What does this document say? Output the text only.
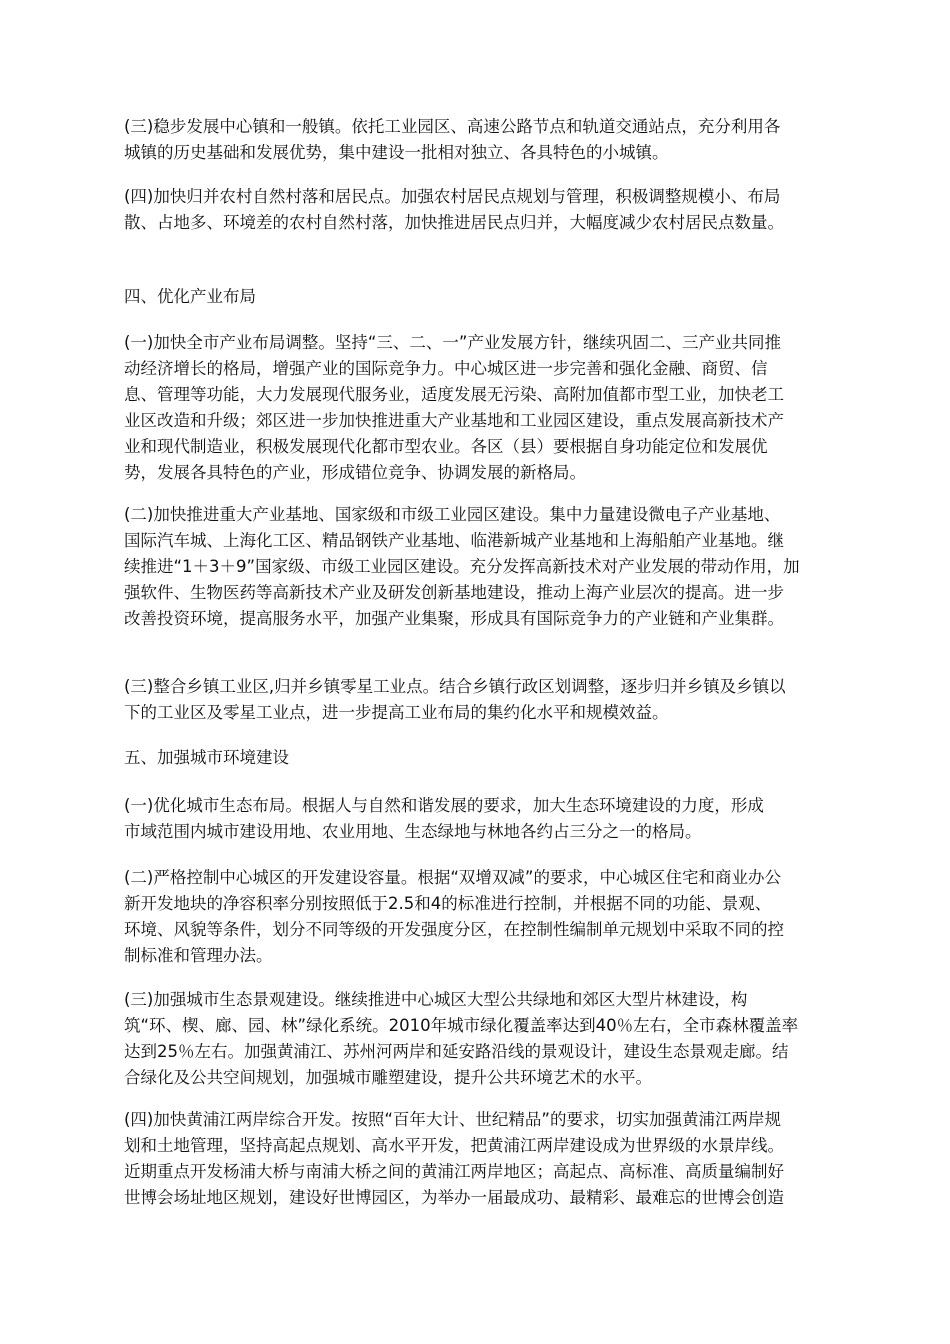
(三)稳步发展中心镇和一般镇。依托工业园区、高速公路节点和轨道交通站点，充分利用各
城镇的历史基础和发展优势，集中建设一批相对独立、各具特色的小城镇。
(四)加快归并农村自然村落和居民点。加强农村居民点规划与管理，积极调整规模小、布局
散、占地多、环境差的农村自然村落，加快推进居民点归并，大幅度减少农村居民点数量。
四、优化产业布局
(一)加快全市产业布局调整。坚持“三、二、一”产业发展方针，继续巩固二、三产业共同推
动经济增长的格局，增强产业的国际竞争力。中心城区进一步完善和强化金融、商贸、信
息、管理等功能，大力发展现代服务业，适度发展无污染、高附加值都市型工业，加快老工
业区改造和升级；郊区进一步加快推进重大产业基地和工业园区建设，重点发展高新技术产
业和现代制造业，积极发展现代化都市型农业。各区（县）要根据自身功能定位和发展优
势，发展各具特色的产业，形成错位竞争、协调发展的新格局。
(二)加快推进重大产业基地、国家级和市级工业园区建设。集中力量建设微电子产业基地、
国际汽车城、上海化工区、精品钢铁产业基地、临港新城产业基地和上海船舶产业基地。继
续推进“1＋3＋9”国家级、市级工业园区建设。充分发挥高新技术对产业发展的带动作用，加
强软件、生物医药等高新技术产业及研发创新基地建设，推动上海产业层次的提高。进一步
改善投资环境，提高服务水平，加强产业集聚，形成具有国际竞争力的产业链和产业集群。
(三)整合乡镇工业区,归并乡镇零星工业点。结合乡镇行政区划调整，逐步归并乡镇及乡镇以
下的工业区及零星工业点，进一步提高工业布局的集约化水平和规模效益。
五、加强城市环境建设
(一)优化城市生态布局。根据人与自然和谐发展的要求，加大生态环境建设的力度，形成
市域范围内城市建设用地、农业用地、生态绿地与林地各约占三分之一的格局。
(二)严格控制中心城区的开发建设容量。根据“双增双减”的要求，中心城区住宅和商业办公
新开发地块的净容积率分别按照低于2.5和4的标准进行控制，并根据不同的功能、景观、
环境、风貌等条件，划分不同等级的开发强度分区，在控制性编制单元规划中采取不同的控
制标准和管理办法。
(三)加强城市生态景观建设。继续推进中心城区大型公共绿地和郊区大型片林建设，构
筑“环、楔、廊、园、林”绿化系统。2010年城市绿化覆盖率达到40％左右，全市森林覆盖率
达到25％左右。加强黄浦江、苏州河两岸和延安路沿线的景观设计，建设生态景观走廊。结
合绿化及公共空间规划，加强城市雕塑建设，提升公共环境艺术的水平。
(四)加快黄浦江两岸综合开发。按照“百年大计、世纪精品”的要求，切实加强黄浦江两岸规
划和土地管理，坚持高起点规划、高水平开发，把黄浦江两岸建设成为世界级的水景岸线。
近期重点开发杨浦大桥与南浦大桥之间的黄浦江两岸地区；高起点、高标准、高质量编制好
世博会场址地区规划，建设好世博园区，为举办一届最成功、最精彩、最难忘的世博会创造
